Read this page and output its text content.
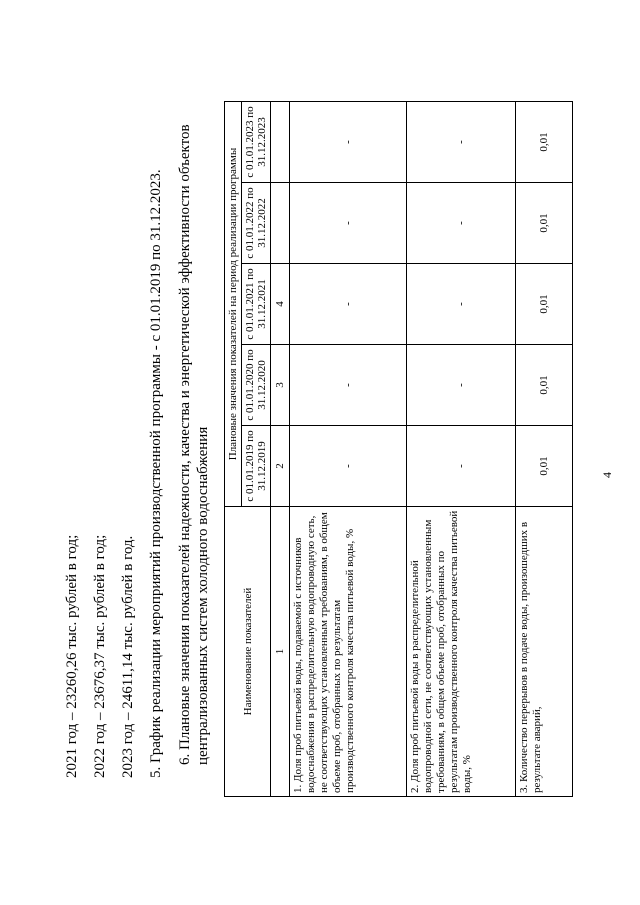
4
2021 год – 23260,26 тыс. рублей в год; 2022 год – 23676,37 тыс. рублей в год; 2023 год – 24611,14 тыс. рублей в год. 5. График реализации мероприятий производственной программы - с 01.01.2019 по 31.12.2023. 6. Плановые значения показателей надежности, качества и энергетической эффективности объектов централизованных систем холодного водоснабжения	Наименование показателей	Плановые значения показателей на период реализации программы				
	с 01.01.2019 по 31.12.2019	с 01.01.2020 по 31.12.2020	с 01.01.2021 по 31.12.2021	с 01.01.2022 по 31.12.2022	с 01.01.2023 по 31.12.2023
1	2	3	4		
1. Доля проб питьевой воды, подаваемой с источников водоснабжения в распределительную водопроводную сеть, не соответствующих установленным требованиям, в общем объеме проб, отобранных по результатам производственного контроля качества питьевой воды, %	-	-	-	-	-
2. Доля проб питьевой воды в распределительной водопроводной сети, не соответствующих установленным требованиям, в общем объеме проб, отобранных по результатам производственного контроля качества питьевой воды, %	-	-	-	-	-
3. Количество перерывов в подаче воды, произошедших в результате аварий,	0,01	0,01	0,01	0,01	0,01
